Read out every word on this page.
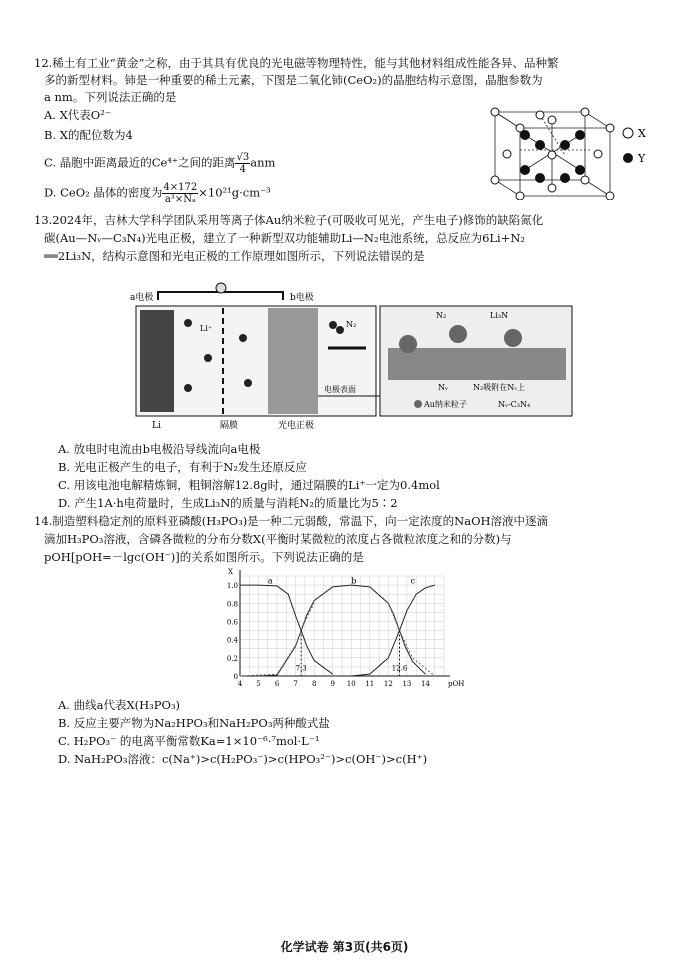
12.稀土有工业“黄金”之称，由于其具有优良的光电磁等物理特性，能与其他材料组成性能各异、品种繁
多的新型材料。铈是一种重要的稀土元素，下图是二氧化铈(CeO₂)的晶胞结构示意图，晶胞参数为
a nm。下列说法正确的是
A. X代表O²⁻
B. X的配位数为4
C. 晶胞中距离最近的Ce⁴⁺之间的距离 $\frac{√3}{4}$ anm
D. CeO₂ 晶体的密度为 $\frac{4\times 172}{\text{a³×Nₐ}} \times 10^{21}g\cdot cm^{-3}$
X
Y
13.2024年，吉林大学科学团队采用等离子体Au纳米粒子(可吸收可见光，产生电子)修饰的缺陷氮化
碳(Au—Nᵥ—C₃N₄)光电正极，建立了一种新型双功能辅助Li—N₂电池系统，总反应为6Li+N₂
══2Li₃N，结构示意图和光电正极的工作原理如图所示，下列说法错误的是
a电极	b电极
Li⁺	N₂
Li	隔膜	光电正极
电极表面
N₂	Li₃N
Nᵥ	N₂吸附在Nᵥ上
Au纳米粒子	Nᵥ-C₃N₄
A. 放电时电流由b电极沿导线流向a电极
B. 光电正极产生的电子，有利于N₂发生还原反应
C. 用该电池电解精炼铜，粗铜溶解12.8g时，通过隔膜的Li⁺一定为0.4mol
D. 产生1A·h电荷量时，生成Li₃N的质量与消耗N₂的质量比为5∶2
14.制造塑料稳定剂的原料亚磷酸(H₃PO₃)是一种二元弱酸，常温下，向一定浓度的NaOH溶液中逐滴
滴加H₃PO₃溶液，含磷各微粒的分布分数X(平衡时某微粒的浓度占各微粒浓度之和的分数)与
pOH[pOH=－lgc(OH⁻)]的关系如图所示。下列说法正确的是
4 5 6 7 8 9 10 11 12 13 14
0
0.2
0.4
0.6
0.8
1.0
pOH
X
a	b	c
7.3	12.6
A. 曲线a代表X(H₃PO₃)
B. 反应主要产物为Na₂HPO₃和NaH₂PO₃两种酸式盐
C. H₂PO₃⁻ 的电离平衡常数Ka=1×10⁻⁶·⁷mol·L⁻¹
D. NaH₂PO₃溶液：c(Na⁺)>c(H₂PO₃⁻)>c(HPO₃²⁻)>c(OH⁻)>c(H⁺)
化学试卷 第3页(共6页)
